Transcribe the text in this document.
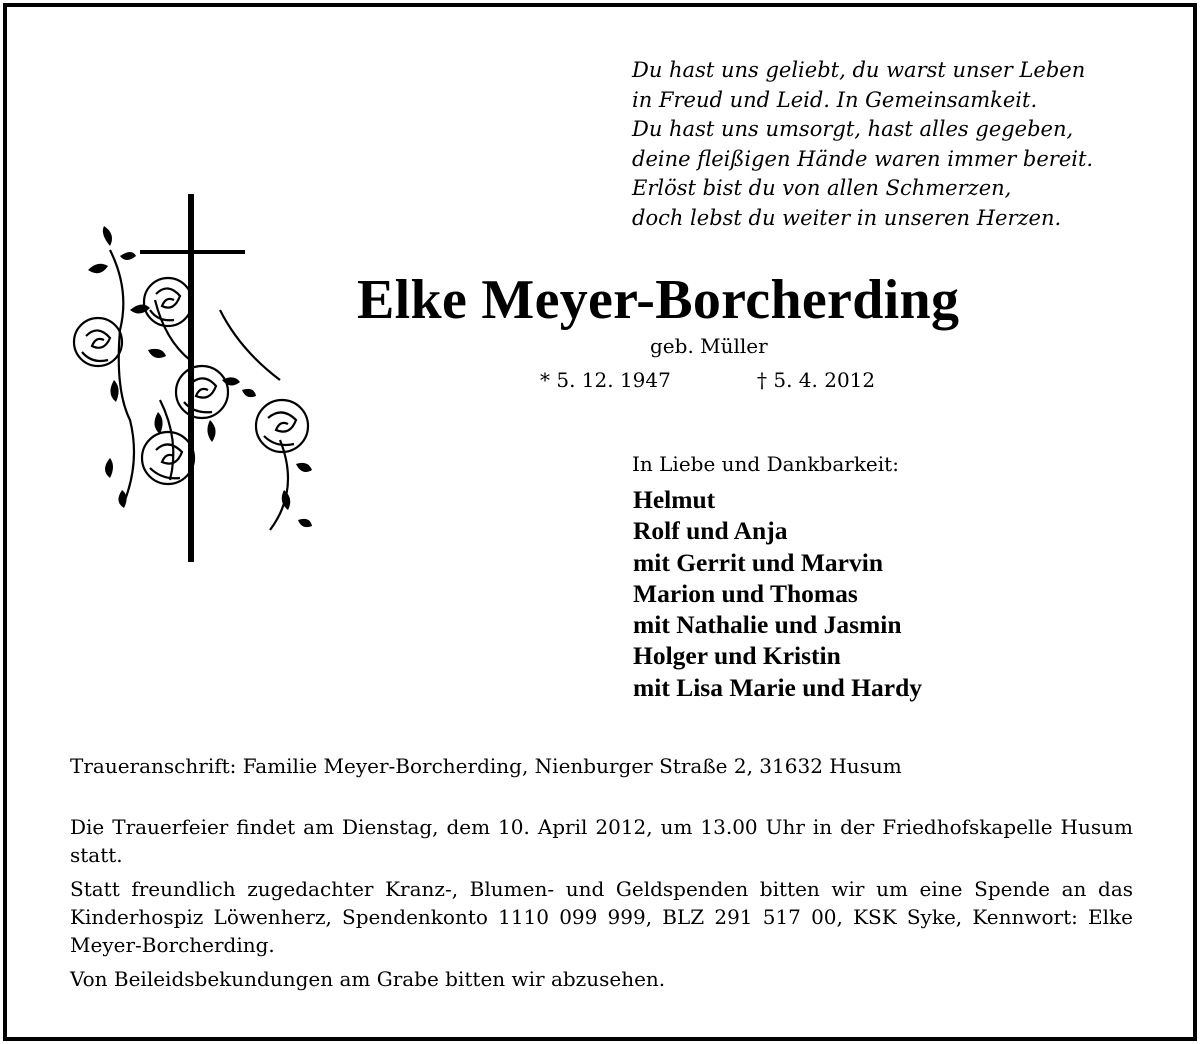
Du hast uns geliebt, du warst unser Leben
in Freud und Leid. In Gemeinsamkeit.
Du hast uns umsorgt, hast alles gegeben,
deine fleißigen Hände waren immer bereit.
Erlöst bist du von allen Schmerzen,
doch lebst du weiter in unseren Herzen.
Elke Meyer-Borcherding
geb. Müller
* 5. 12. 1947	† 5. 4. 2012
In Liebe und Dankbarkeit:
Helmut
Rolf und Anja
mit Gerrit und Marvin
Marion und Thomas
mit Nathalie und Jasmin
Holger und Kristin
mit Lisa Marie und Hardy
Traueranschrift: Familie Meyer-Borcherding, Nienburger Straße 2, 31632 Husum

Die Trauerfeier findet am Dienstag, dem 10. April 2012, um 13.00 Uhr in der Friedhofskapelle Husum statt.

Statt freundlich zugedachter Kranz-, Blumen- und Geldspenden bitten wir um eine Spende an das Kinderhospiz Löwenherz, Spendenkonto 1110 099 999, BLZ 291 517 00, KSK Syke, Kennwort: Elke Meyer-Borcherding.

Von Beileidsbekundungen am Grabe bitten wir abzusehen.
